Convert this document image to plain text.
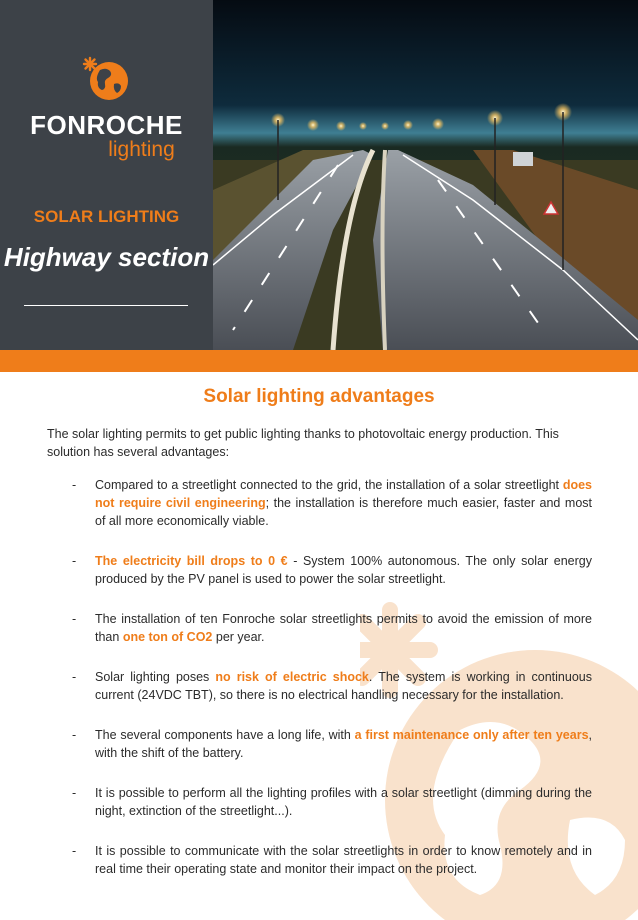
FONROCHE
lighting
SOLAR LIGHTING
Highway section
Solar lighting advantages
The solar lighting permits to get public lighting thanks to photovoltaic energy production. This solution has several advantages:
- Compared to a streetlight connected to the grid, the installation of a solar streetlight does not require civil engineering; the installation is therefore much easier, faster and most of all more economically viable.
- The electricity bill drops to 0 € - System 100% autonomous. The only solar energy produced by the PV panel is used to power the solar streetlight.
- The installation of ten Fonroche solar streetlights permits to avoid the emission of more than one ton of CO2 per year.
- Solar lighting poses no risk of electric shock. The system is working in continuous current (24VDC TBT), so there is no electrical handling necessary for the installation.
- The several components have a long life, with a first maintenance only after ten years, with the shift of the battery.
- It is possible to perform all the lighting profiles with a solar streetlight (dimming during the night, extinction of the streetlight...).
- It is possible to communicate with the solar streetlights in order to know remotely and in real time their operating state and monitor their impact on the project.
